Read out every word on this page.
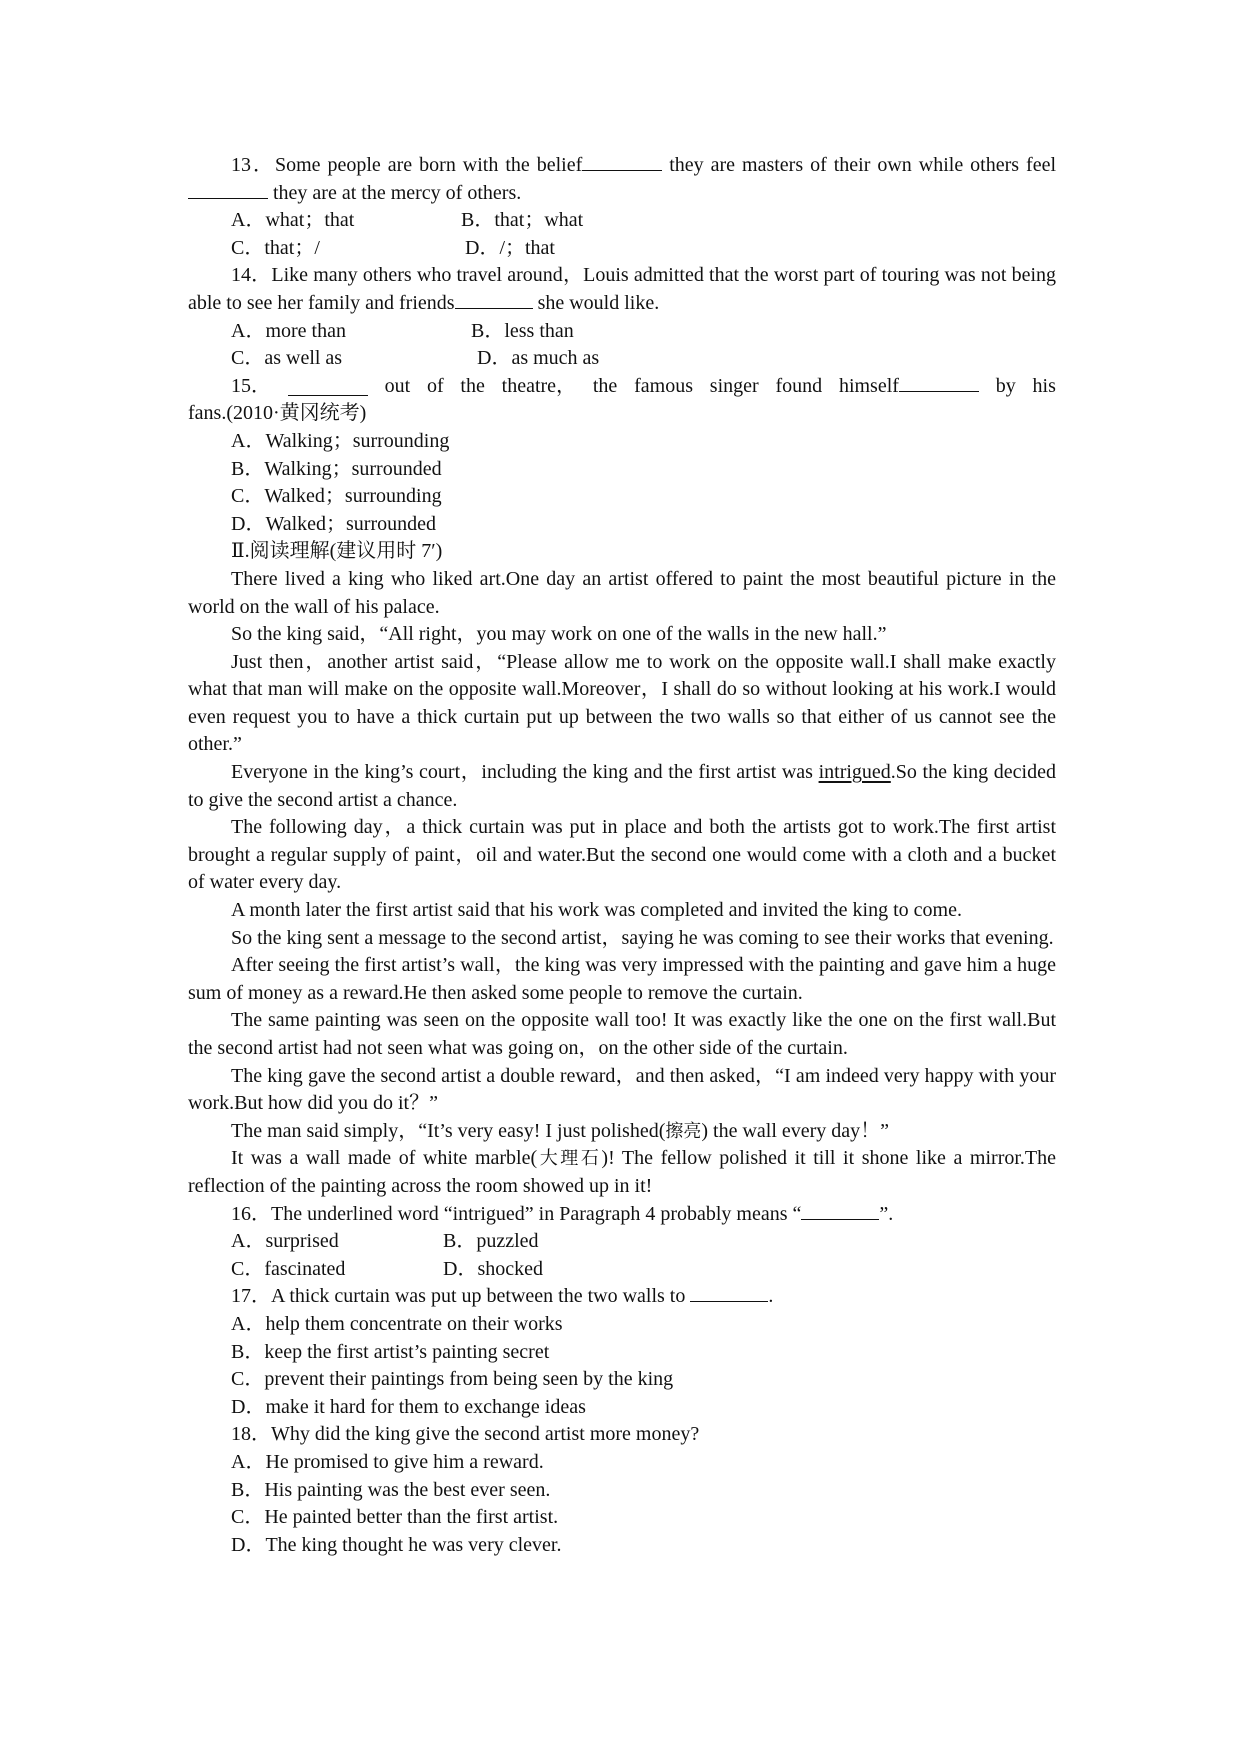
13．Some people are born with the belief	they are masters of their own while others feel they are at the mercy of others.

A．what；that	B．that；what
C．that；/	D．/；that

14．Like many others who travel around，Louis admitted that the worst part of touring was not being able to see her family and friends	she would like.

A．more than	B．less than
C．as well as	D．as much as
15．	out of the theatre， the famous singer found himself	by his

fans.(2010·黄冈统考)

A．Walking；surrounding

B．Walking；surrounded

C．Walked；surrounding

D．Walked；surrounded

Ⅱ.阅读理解(建议用时 7′)

There lived a king who liked art.One day an artist offered to paint the most beautiful picture in the world on the wall of his palace.

So the king said，“All right，you may work on one of the walls in the new hall.”

Just then，another artist said，“Please allow me to work on the opposite wall.I shall make exactly what that man will make on the opposite wall.Moreover，I shall do so without looking at his work.I would even request you to have a thick curtain put up between the two walls so that either of us cannot see the other.”

Everyone in the king’s court，including the king and the first artist was intrigued.So the king decided to give the second artist a chance.

The following day，a thick curtain was put in place and both the artists got to work.The first artist brought a regular supply of paint，oil and water.But the second one would come with a cloth and a bucket of water every day.

A month later the first artist said that his work was completed and invited the king to come.

So the king sent a message to the second artist，saying he was coming to see their works that evening.

After seeing the first artist’s wall，the king was very impressed with the painting and gave him a huge sum of money as a reward.He then asked some people to remove the curtain.

The same painting was seen on the opposite wall too! It was exactly like the one on the first wall.But the second artist had not seen what was going on，on the other side of the curtain.

The king gave the second artist a double reward，and then asked，“I am indeed very happy with your work.But how did you do it？”

The man said simply，“It’s very easy! I just polished(擦亮) the wall every day！”

It was a wall made of white marble(大理石)! The fellow polished it till it shone like a mirror.The reflection of the painting across the room showed up in it!

16．The underlined word “intrigued” in Paragraph 4 probably means “	”.

A．surprised	B．puzzled
C．fascinated	D．shocked

17．A thick curtain was put up between the two walls to	.

A．help them concentrate on their works

B．keep the first artist’s painting secret

C．prevent their paintings from being seen by the king

D．make it hard for them to exchange ideas

18．Why did the king give the second artist more money?

A．He promised to give him a reward.

B．His painting was the best ever seen.

C．He painted better than the first artist.

D．The king thought he was very clever.
